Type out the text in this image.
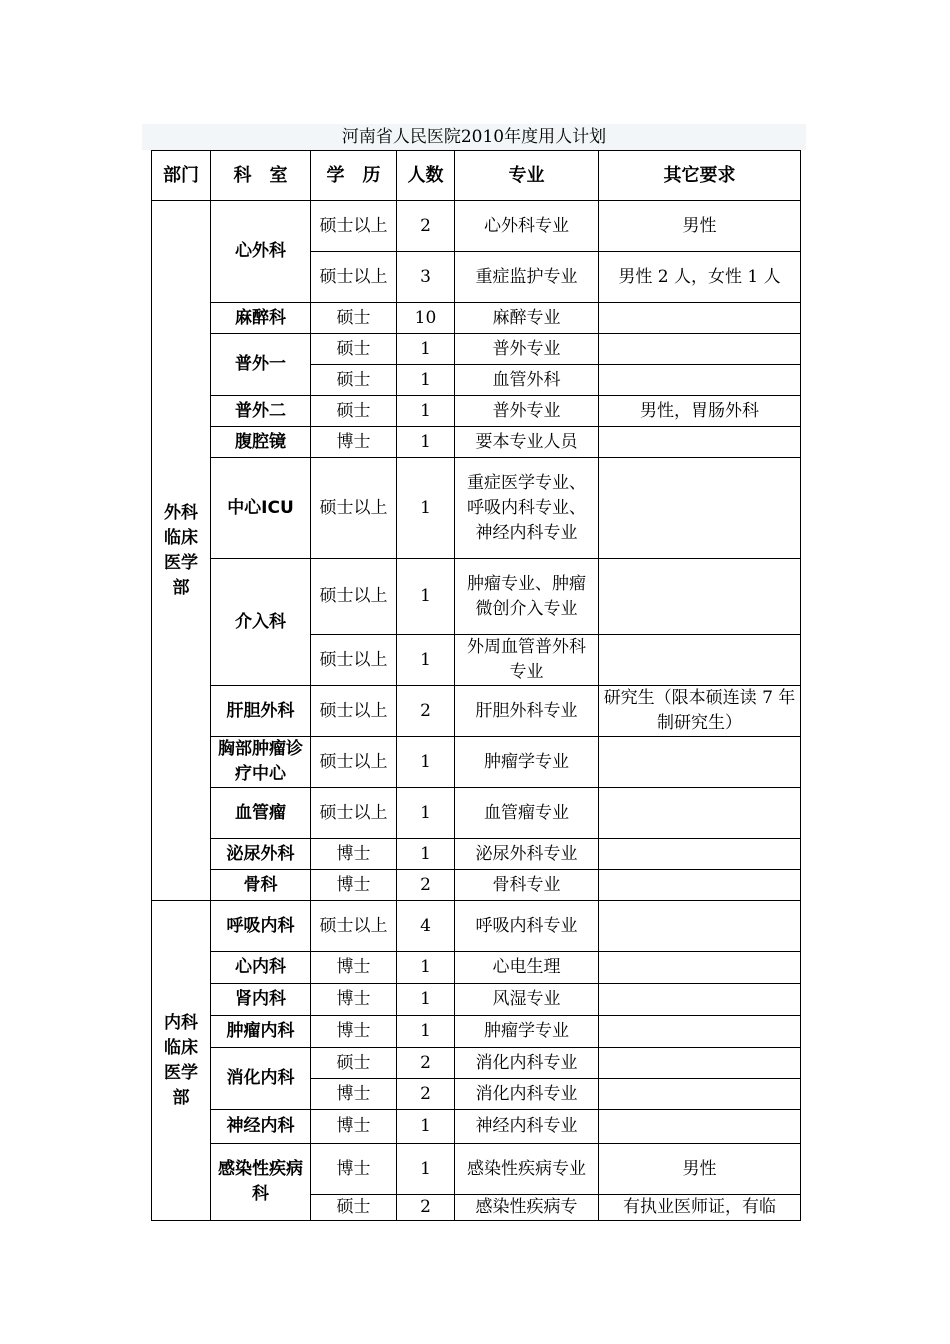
河南省人民医院2010年度用人计划
部门	科　室	学　历	人数	专业	其它要求
外科临床医学部	心外科	硕士以上	2	心外科专业	男性
		硕士以上	3	重症监护专业	男性 2 人，女性 1 人
	麻醉科	硕士	10	麻醉专业	
	普外一	硕士	1	普外专业	
		硕士	1	血管外科	
	普外二	硕士	1	普外专业	男性，胃肠外科
	腹腔镜	博士	1	要本专业人员	
	中心ICU	硕士以上	1	重症医学专业、呼吸内科专业、神经内科专业	
	介入科	硕士以上	1	肿瘤专业、肿瘤微创介入专业	
		硕士以上	1	外周血管普外科专业	
	肝胆外科	硕士以上	2	肝胆外科专业	研究生（限本硕连读 7 年制研究生）
	胸部肿瘤诊疗中心	硕士以上	1	肿瘤学专业	
	血管瘤	硕士以上	1	血管瘤专业	
	泌尿外科	博士	1	泌尿外科专业	
	骨科	博士	2	骨科专业	
内科临床医学部	呼吸内科	硕士以上	4	呼吸内科专业	
	心内科	博士	1	心电生理	
	肾内科	博士	1	风湿专业	
	肿瘤内科	博士	1	肿瘤学专业	
	消化内科	硕士	2	消化内科专业	
		博士	2	消化内科专业	
	神经内科	博士	1	神经内科专业	
	感染性疾病科	博士	1	感染性疾病专业	男性
		硕士	2	感染性疾病专	有执业医师证，有临
